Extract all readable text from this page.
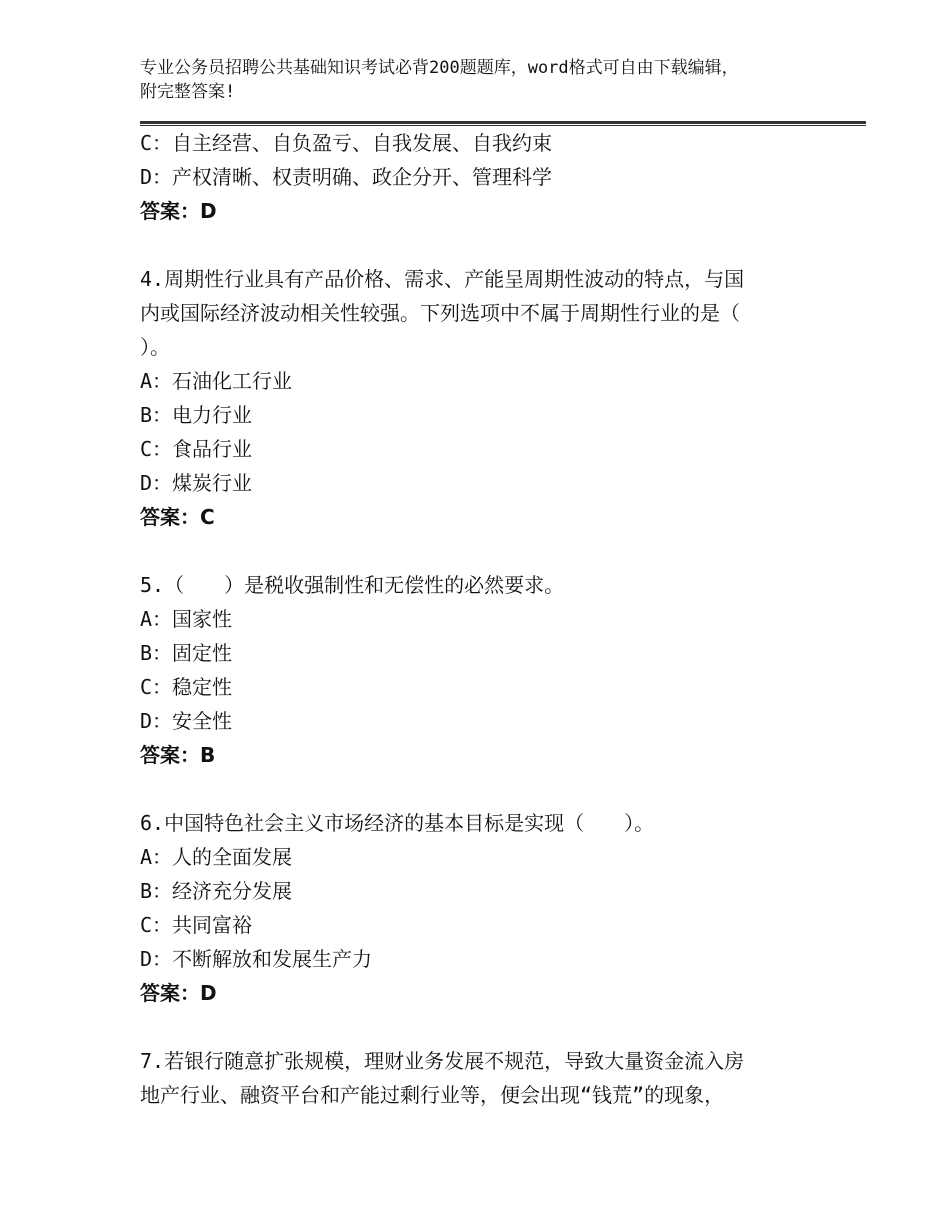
专业公务员招聘公共基础知识考试必背200题题库，word格式可自由下载编辑，
附完整答案!
C：自主经营、自负盈亏、自我发展、自我约束
D：产权清晰、权责明确、政企分开、管理科学
答案：D
4.周期性行业具有产品价格、需求、产能呈周期性波动的特点，与国
内或国际经济波动相关性较强。下列选项中不属于周期性行业的是（
）。
A：石油化工行业
B：电力行业
C：食品行业
D：煤炭行业
答案：C
5.（　　）是税收强制性和无偿性的必然要求。
A：国家性
B：固定性
C：稳定性
D：安全性
答案：B
6.中国特色社会主义市场经济的基本目标是实现（　　）。
A：人的全面发展
B：经济充分发展
C：共同富裕
D：不断解放和发展生产力
答案：D
7.若银行随意扩张规模，理财业务发展不规范，导致大量资金流入房
地产行业、融资平台和产能过剩行业等，便会出现“钱荒”的现象，
